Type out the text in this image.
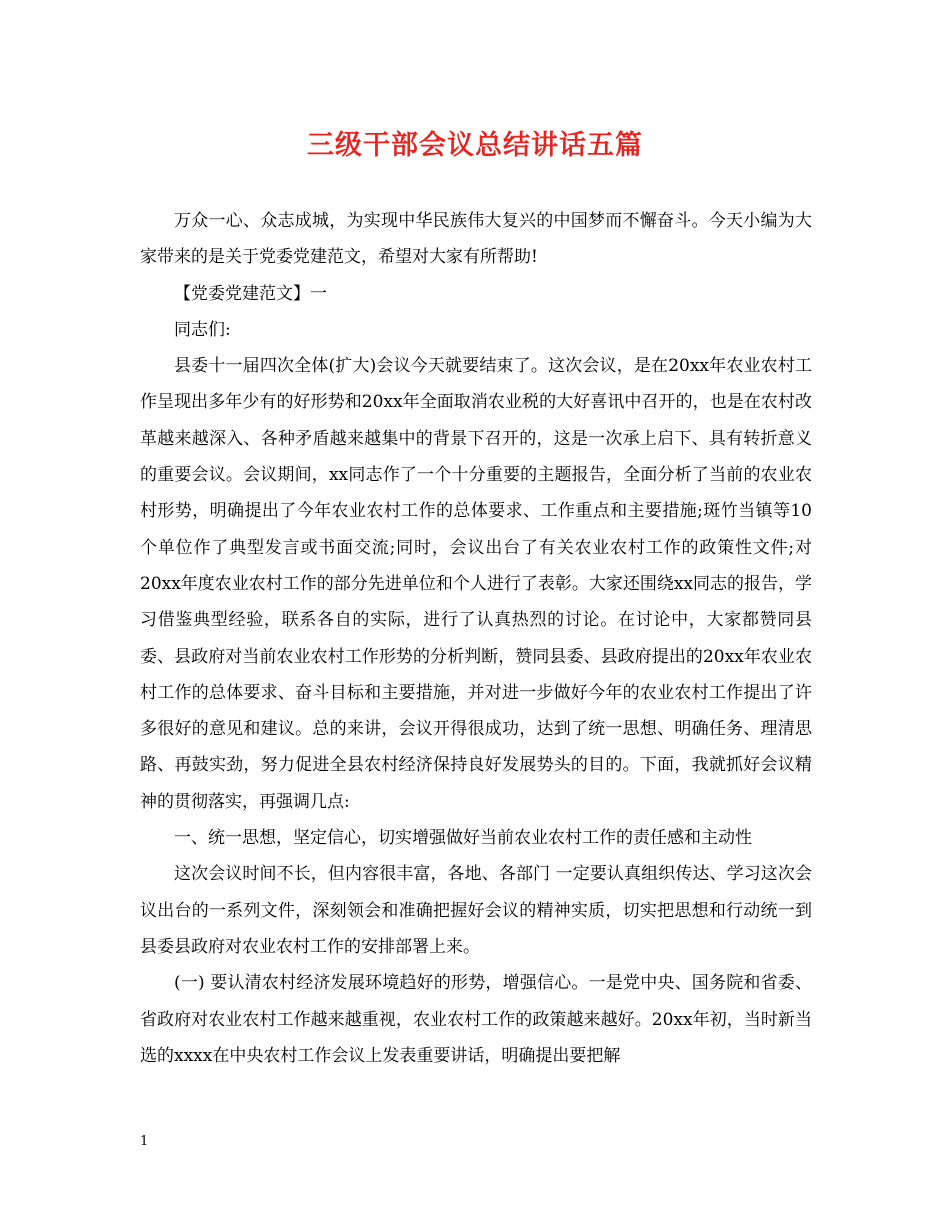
三级干部会议总结讲话五篇

万众一心、众志成城，为实现中华民族伟大复兴的中国梦而不懈奋斗。今天小编为大家带来的是关于党委党建范文，希望对大家有所帮助!

【党委党建范文】一

同志们:

县委十一届四次全体(扩大)会议今天就要结束了。这次会议，是在20xx年农业农村工作呈现出多年少有的好形势和20xx年全面取消农业税的大好喜讯中召开的，也是在农村改革越来越深入、各种矛盾越来越集中的背景下召开的，这是一次承上启下、具有转折意义的重要会议。会议期间，xx同志作了一个十分重要的主题报告，全面分析了当前的农业农村形势，明确提出了今年农业农村工作的总体要求、工作重点和主要措施;斑竹当镇等10个单位作了典型发言或书面交流;同时，会议出台了有关农业农村工作的政策性文件;对20xx年度农业农村工作的部分先进单位和个人进行了表彰。大家还围绕xx同志的报告，学习借鉴典型经验，联系各自的实际，进行了认真热烈的讨论。在讨论中，大家都赞同县委、县政府对当前农业农村工作形势的分析判断，赞同县委、县政府提出的20xx年农业农村工作的总体要求、奋斗目标和主要措施，并对进一步做好今年的农业农村工作提出了许多很好的意见和建议。总的来讲，会议开得很成功，达到了统一思想、明确任务、理清思路、再鼓实劲，努力促进全县农村经济保持良好发展势头的目的。下面，我就抓好会议精神的贯彻落实，再强调几点:

一、统一思想，坚定信心，切实增强做好当前农业农村工作的责任感和主动性

这次会议时间不长，但内容很丰富，各地、各部门 一定要认真组织传达、学习这次会议出台的一系列文件，深刻领会和准确把握好会议的精神实质，切实把思想和行动统一到县委县政府对农业农村工作的安排部署上来。

(一) 要认清农村经济发展环境趋好的形势，增强信心。一是党中央、国务院和省委、省政府对农业农村工作越来越重视，农业农村工作的政策越来越好。20xx年初，当时新当选的xxxx在中央农村工作会议上发表重要讲话，明确提出要把解

1
